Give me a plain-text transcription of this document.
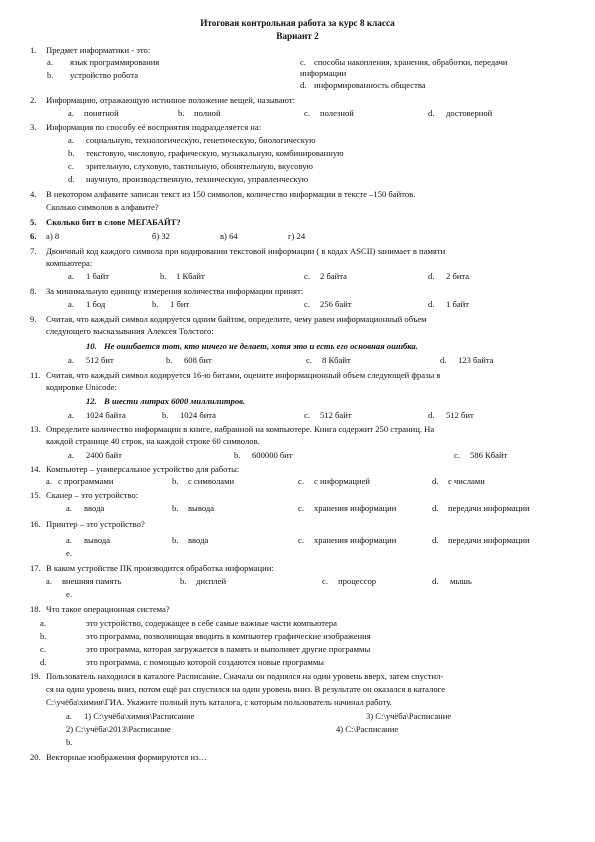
Итоговая контрольная работа за курс 8 класса
Вариант 2
1. Предмет информатики - это:
a. язык программирования	c. способы накопления, хранения, обработки, передачи
информации
b. устройство робота
d. информированность общества
2. Информацию, отражающую истинное положение вещей, называют:
a. понятной	b. полной	c. полезной	d. достоверной
3. Информация по способу её восприятия подразделяется на:
a. социальную, технологическую, генетическую, биологическую
b. текстовую, числовую, графическую, музыкальную, комбинированную
c. зрительную, слуховую, тактильную, обонятельную, вкусовую
d. научную, производственную, техническую, управленческую
4. В некотором алфавите записан текст из 150 символов, количество информации в тексте –150 байтов.
Сколько символов в алфавите?
5. Сколько бит в слове МЕГАБАЙТ?
6. а) 8	б) 32	в) 64	г) 24
7. Двоичный код каждого символа при кодировании текстовой информации ( в кодах ASCII) занимает в памяти
компьютера:
a. 1 байт	b. 1 Кбайт	c. 2 байта	d. 2 бита
8. За минимальную единицу измерения количества информации принят:
a. 1 бод	b. 1 бит	c. 256 байт	d. 1 байт
9. Считая, что каждый символ кодируется одним байтом, определите, чему равен информационный объем
следующего высказывания Алексея Толстого:
10. Не ошибается тот, кто ничего не делает, хотя это и есть его основная ошибка.
a. 512 бит	b. 608 бит	c. 8 Кбайт	d. 123 байта
11. Считая, что каждый символ кодируется 16-ю битами, оцените информационный объем следующей фразы в
кодировке Unicode:
12. В шести литрах 6000 миллилитров.
a. 1024 байта	b. 1024 бита	c. 512 байт	d. 512 бит
13. Определите количество информации в книге, набранной на компьютере. Книга содержит 250 страниц. На
каждой странице 40 строк, на каждой строке 60 символов.
a. 2400 байт	b. 600000 бит	c. 586 Кбайт
14. Компьютер – универсальное устройство для работы:
a. с программами	b. с символами	c. с информацией	d. с числами
15. Сканер – это устройство:
a. ввода	b. вывода	c. хранения информации	d. передачи информации
16. Принтер – это устройство?
a. вывода	b. ввода	c. хранения информации	d. передачи информации
e.
17. В каком устройстве ПК производится обработка информации:
a. внешняя память	b. дисплей	c. процессор	d. мышь
e.
18. Что такое операционная система?
a.	это устройство, содержащее в себе самые важные части компьютера
b.	это программа, позволяющая вводить в компьютер графические изображения
c.	это программа, которая загружается в память и выполняет другие программы
d.	это программа, с помощью которой создаются новые программы
19. Пользователь находился в каталоге Расписание. Сначала он поднялся на один уровень вверх, затем спустил-
ся на один уровень вниз, потом ещё раз спустился на один уровень вниз. В результате он оказался в каталоге
С:\учёба\химия\ГИА. Укажите полный путь каталога, с которым пользователь начинал работу.
a. 1) С:\учёба\химия\Расписание	3) С:\учёба\Расписание
2) С:\учёба\2013\Расписание	4) С:\Расписание
b.
20. Векторные изображения формируются из…
